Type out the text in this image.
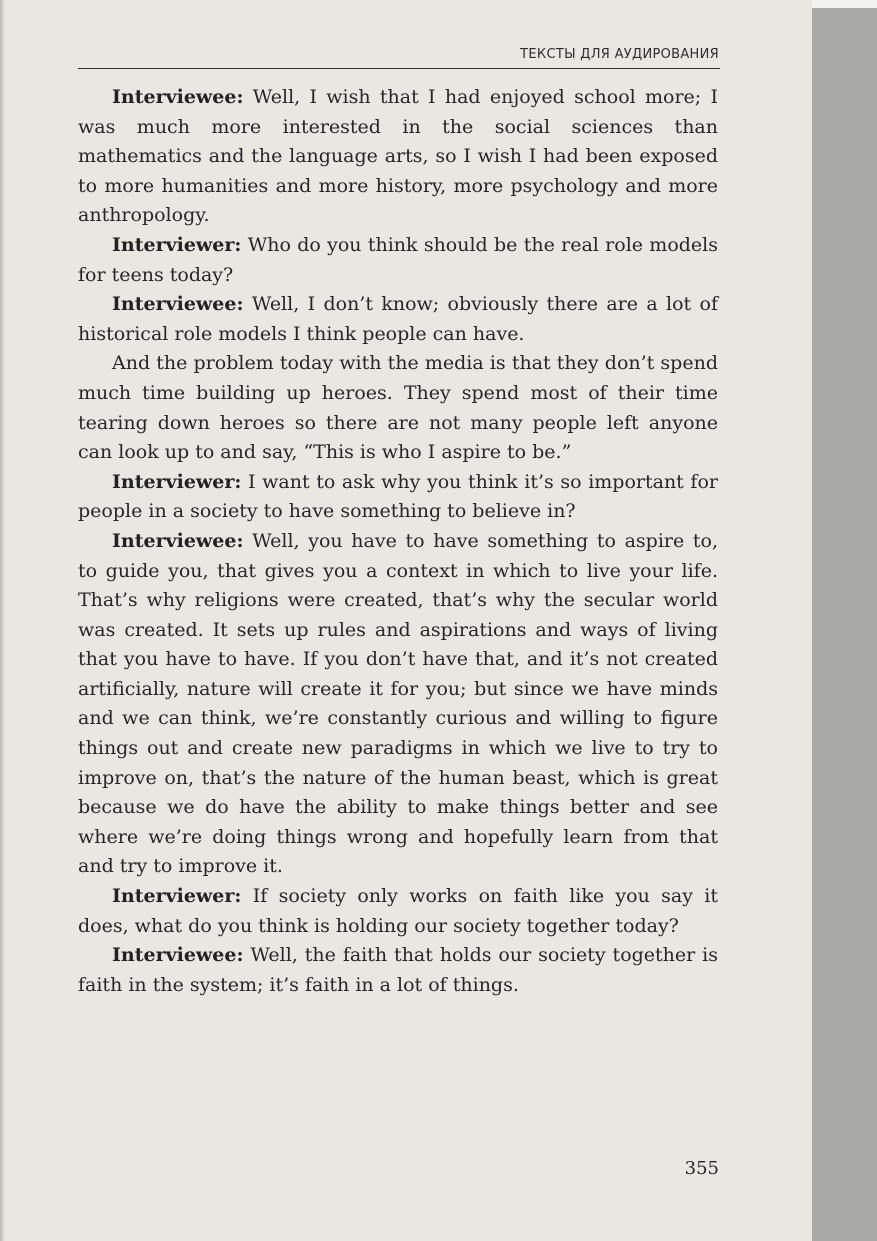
ТЕКСТЫ ДЛЯ АУДИРОВАНИЯ

Interviewee: Well, I wish that I had enjoyed school more; I was much more interested in the social sciences than mathematics and the language arts, so I wish I had been exposed to more humanities and more history, more psychology and more anthropology.

Interviewer: Who do you think should be the real role models for teens today?

Interviewee: Well, I don’t know; obviously there are a lot of historical role models I think people can have.

And the problem today with the media is that they don’t spend much time building up heroes. They spend most of their time tearing down heroes so there are not many people left anyone can look up to and say, “This is who I aspire to be.”

Interviewer: I want to ask why you think it’s so important for people in a society to have something to believe in?

Interviewee: Well, you have to have something to aspire to, to guide you, that gives you a context in which to live your life. That’s why religions were created, that’s why the secular world was created. It sets up rules and aspirations and ways of living that you have to have. If you don’t have that, and it’s not created artificially, nature will create it for you; but since we have minds and we can think, we’re constantly curious and willing to figure things out and create new paradigms in which we live to try to improve on, that’s the nature of the human beast, which is great because we do have the ability to make things better and see where we’re doing things wrong and hopefully learn from that and try to improve it.

Interviewer: If society only works on faith like you say it does, what do you think is holding our society together today?

Interviewee: Well, the faith that holds our society together is faith in the system; it’s faith in a lot of things.

355
